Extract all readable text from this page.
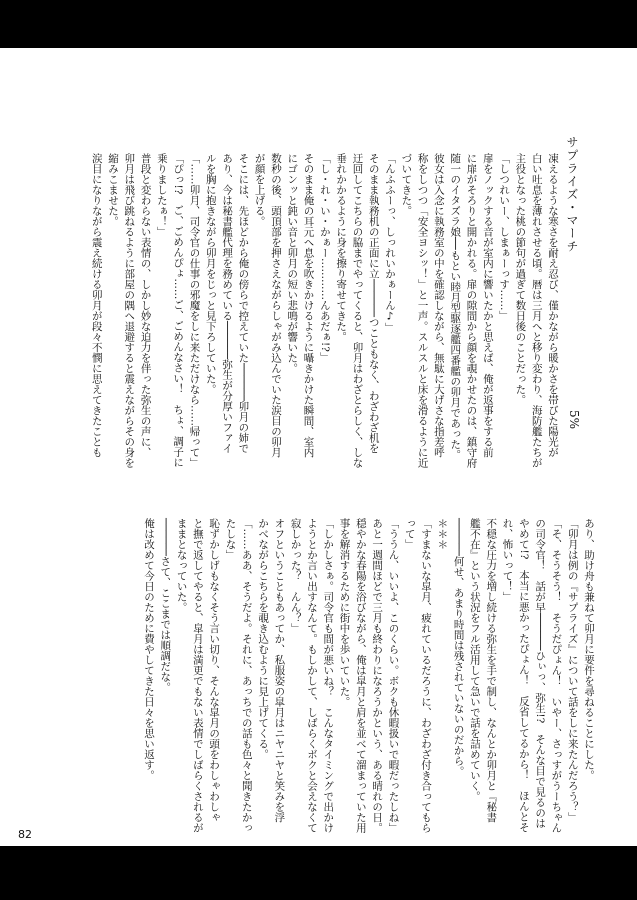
サプライズ・マーチ
5%
凍えるような寒さを耐え忍び、僅かながら暖かさを帯びた陽光が
白い吐息を薄れさせる頃。暦は三月へと移り変わり、海防艦たちが
主役となった桃の節句が過ぎて数日後のことだった。
「しつれいー、しまぁーっす……」
扉をノックする音が室内に響いたかと思えば、俺が返事をする前
に扉がそろりと開かれる。扉の隙間から顔を覗かせたのは、鎮守府
随一のイタズラ娘──もとい睦月型駆逐艦四番艦の卯月であった。
彼女は入念に執務室の中を確認しながら、無駄に大げさな指差呼
称をしつつ「安全ヨシッ！」と一声。スルスルと床を滑るように近
づいてきた。
「んふふーっ、しっれいかぁーん♪」
そのまま執務机の正面に立──────つこともなく、わざわざ机を
迂回してこちらの脇までやってくると、卯月はわざとらしく、しな
垂れかかるように身を擦り寄せてきた。
「し・れ・い・かぁー…………んあだぁ!?」
そのまま俺の耳元へ息を吹きかけるように囁きかけた瞬間、室内
にゴンッと鈍い音と卯月の短い悲鳴が響いた。
数秒の後、頭頂部を押さえながらしゃがみ込んでいた涙目の卯月
が顔を上げる。
そこには、先ほどから俺の傍らで控えていた──────卯月の姉で
あり、今は秘書艦代理を務めている──────弥生が分厚いファイ
ルを胸に抱きながら卯月をじっと見下ろしていた。
「……卯月、司令官の仕事の邪魔をしに来ただけなら……帰って」
「ぴっ!?　ご、ごめんぴょ……ご、ごめんなさい！　ちょ、調子に
乗りましたぁ！」
普段と変わらない表情の、しかし妙な迫力を伴った弥生の声に、
卯月は飛び跳ねるように部屋の隅へ退避すると震えながらその身を
縮みこませた。
涙目になりながら震え続ける卯月が段々不憫に思えてきたことも
あり、助け舟も兼ねて卯月に要件を尋ねることにした。
「卯月は例の『サプライズ』について話をしに来たんだろう？」
「そ、そうそう！　そうだぴょん！　いやー、さっすがうーちゃん
の司令官！　話が早──────ひぃっ、弥生!?　そんな目で見るのは
やめて!?　本当に悪かったぴょん！　反省してるから！　ほんとそ
れ、怖いって！」
不穏な圧力を増し続ける弥生を手で制し、なんとか卯月と『秘書
艦不在』という状況をフル活用して急いで話を詰めていく。
──────何せ、あまり時間は残されていないのだから。
＊＊＊
「すまないな皐月、疲れているだろうに、わざわざ付き合ってもら
って」
「ううん、いいよ、このくらい。ボクも休暇扱いで暇だったしね」
あと一週間ほどで三月も終わりになろうかという、ある晴れの日。
穏やかな春陽を浴びながら、俺は皐月と肩を並べて溜まっていた用
事を解消するために街中を歩いていた。
「しかしさぁ。司令官も間が悪いね？　こんなタイミングで出かけ
ようとか言い出すなんて。もしかして、しばらくボクと会えなくて
寂しかった？　んん？」
オフということもあってか、私服姿の皐月はニヤニヤと笑みを浮
かべながらこちらを覗き込むように見上げてくる。
「……ああ、そうだよ。それに、あっちでの話も色々と聞きたかっ
たしな」
恥ずかしげもなくそう言い切り、そんな皐月の頭をわしゃわしゃ
と撫で返してやると、皐月は満更でもない表情でしばらくされるが
ままとなっていた。
──────さて、ここまでは順調だな。
俺は改めて今日のために費やしてきた日々を思い返す。
82
